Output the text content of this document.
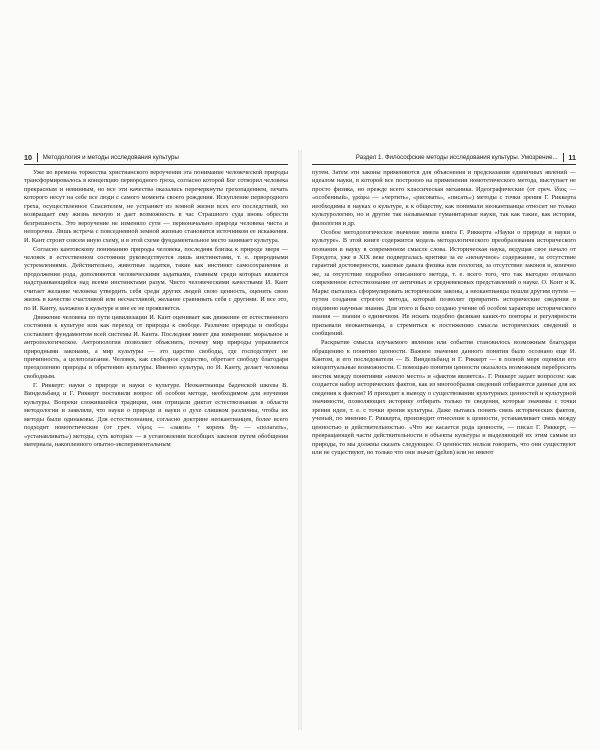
10 Методология и методы исследования культуры

Уже во времена торжества христианского вероучения эта понимание человеческой природы трансформировалось в концепцию первородного греха, согласно которой Бог сотворил человека прекрасным и невинным, но все эти качества оказались перечеркнуты грехопадением, печать которого несут на себе все люди с самого момента своего рождения. Искупление первородного греха, осуществленное Спасителем, не устраняет из земной жизни всех его последствий, но возвращает ему жизнь вечную и дает возможность в час Страшного суда вновь обрести безгрешность. Это вероучение не изменяло сути — первоначально природа человека чиста и непорочна. Лишь встреча с повседневной земной жизнью становится источником ее искажения. И. Кант строит совсем иную схему, и в этой схеме фундаментальное место занимает культура.

Согласно кантовскому пониманию природы человека, последняя близка к природе зверя — человек в естественном состоянии руководствуется лишь инстинктами, т. е. природными устремлениями. Действительно, животные задатки, такие как инстинкт самосохранения и продолжения рода, дополняются человеческими задатками, главным среди которых является надстраивающийся над всеми инстинктами разум. Чисто человеческими качествами И. Кант считает желание человека утвердить себя среди других людей свою ценность, оценить свою жизнь в качестве счастливой или несчастливой, желание сравнивать себя с другими. И все это, по И. Канту, заложено в культуре и вне ее не проявляется.

Движение человека по пути цивилизации И. Кант оценивает как движение от естественного состояния к культуре или как переход от природы к свободе. Различие природы и свободы составляет фундаментом всей системы И. Канта. Последняя имеет два измерения: моральное и антропологическое. Антропология позволяет объяснить, почему мир природы управляется природными законами, а мир культуры — это царство свободы, где господствует не причинность, а целеполагание. Человек, как свободное существо, обретает свободу благодаря преодолению природы и обретению культуры. Именно культура, по И. Канту, делает человека свободным.

Г. Риккерт: науки о природе и науки о культуре. Неокантианцы баденской школы В. Виндельбанд и Г. Риккерт поставили вопрос об особом методе, необходимом для изучения культуры. Вопреки сложившейся традиции, они отрицали диктат естествознания в области методологии и заявляли, что науки о природе и науки о духе слишком различны, чтобы их методы были одинаковы. Для естествознания, согласно доктрине неокантианцев, более всего подходит номотетические (от греч. νόμος — «закон» + корень θη- — «полагать», «устанавливать») методы, суть которых — в установлении всеобщих законов путем обобщения материала, накопленного опытно-экспериментальным

Раздел 1. Философские методы исследования культуры. Умозрение... 11

путем. Затем эти законы применяются для объяснения и предсказания единичных явлений — идеалом науки, в которой все построено на применении номотетического метода, выступает не просто физика, но прежде всего классическая механика. Идеографические (от греч. ἴδιος — «особенный», γράφω — «чертить», «рисовать», «писать») методы с точки зрения Г. Риккерта необходимы в науках о культуре, к к обществу, как понимали неокантианцы относит не только культурологию, но и другие так называемые гуманитарные науки, так как такие, как история, филология и др.

Особое методологическое значение имела книга Г. Риккерта «Науки о природе и науки о культуре». В этой книге содержится модель методологического преобразования исторического познания в науку в современном смысле слова. Историческая наука, ведущая свое начало от Геродота, уже в XIX веке подвергалась критике за ее «ненаучное» содержание, за отсутствие гарантий достоверности, каковые давала физика или геология, за отсутствие законов и, конечно же, за отсутствие подробно описанного метода, т. е. всего того, что так выгодно отличало современное естествознание от античных и средневековых представлений о науке. О. Конт и К. Маркс пытались сформулировать исторические законы, а неокантианцы пошли другим путем — путем создания строгого метода, который позволит превратить исторические сведения в подлинно научные знания. Для этого и было создано учение об особом характере исторического знания — знания о единичном. Не искать подобно физикам каких-то повторы и регулярности призывали неокантианцы, а стремиться к постижению смысла исторических сведений и сообщений.

Раскрытие смысла изучаемого явления или события становилось возможным благодаря обращению к понятию ценности. Важное значение данного понятия было осознано еще И. Кантом, и его последователи — В. Виндельбанд и Г. Риккерт — в полной мере оценили его концептуальные возможности. С помощью понятия ценности оказалось возможным перебросить мостик между понятиями «имело место» и «фактом является». Г. Риккерт задает вопросом: как создается набор исторических фактов, как из многообразия сведений отбираются данные для их сведения к фактам? И приходит к выводу о существовании культурных ценностей и культурной значимости, позволяющих историку отбирать только те сведения, которые значимы с точки зрения идеи, т. е. с точки зрения культуры. Даже пытаясь понять связь исторических фактов, ученый, по мнению Г. Риккерта, производит отнесение к ценности, устанавливает связь между ценностью и действительностью. «Что же касается рода ценности, — писал Г. Риккерт, — превращающей части действительности в объекты культуры и выделяющей их этим самым из природы, то мы должны сказать следующее. О ценностях нельзя говорить, что они существуют или не существуют, но только что они значат (gelten) или не имеют
